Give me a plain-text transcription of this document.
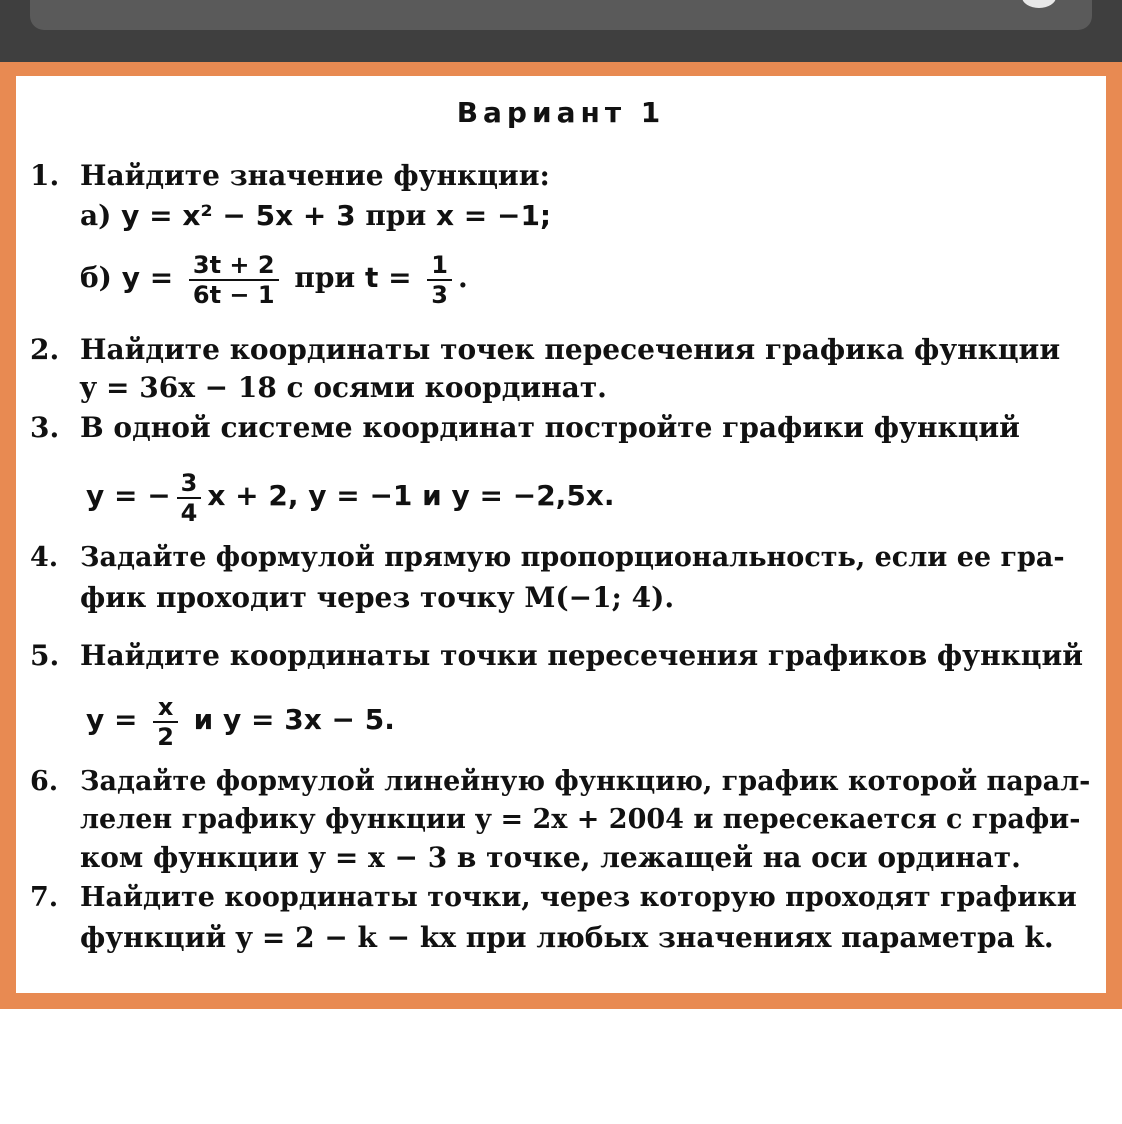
Вариант 1
1. Найдите значение функции:
а) y = x² − 5x + 3 при x = −1;
б) $y = \frac{3t + 2}{6t - 1}$ при $t = \frac{1}{3}$ .
2. Найдите координаты точек пересечения графика функции
y = 36x − 18 с осями координат.
3. В одной системе координат постройте графики функций
y = − $\frac{3}{4}$ x + 2, y = −1 и y = −2,5x.
4. Задайте формулой прямую пропорциональность, если ее гра-
фик проходит через точку M(−1; 4).
5. Найдите координаты точки пересечения графиков функций
$y = \frac{x}{2}$ и y = 3x − 5.
6. Задайте формулой линейную функцию, график которой парал-
лелен графику функции y = 2x + 2004 и пересекается с графи-
ком функции y = x − 3 в точке, лежащей на оси ординат.
7. Найдите координаты точки, через которую проходят графики
функций y = 2 − k − kx при любых значениях параметра k.
